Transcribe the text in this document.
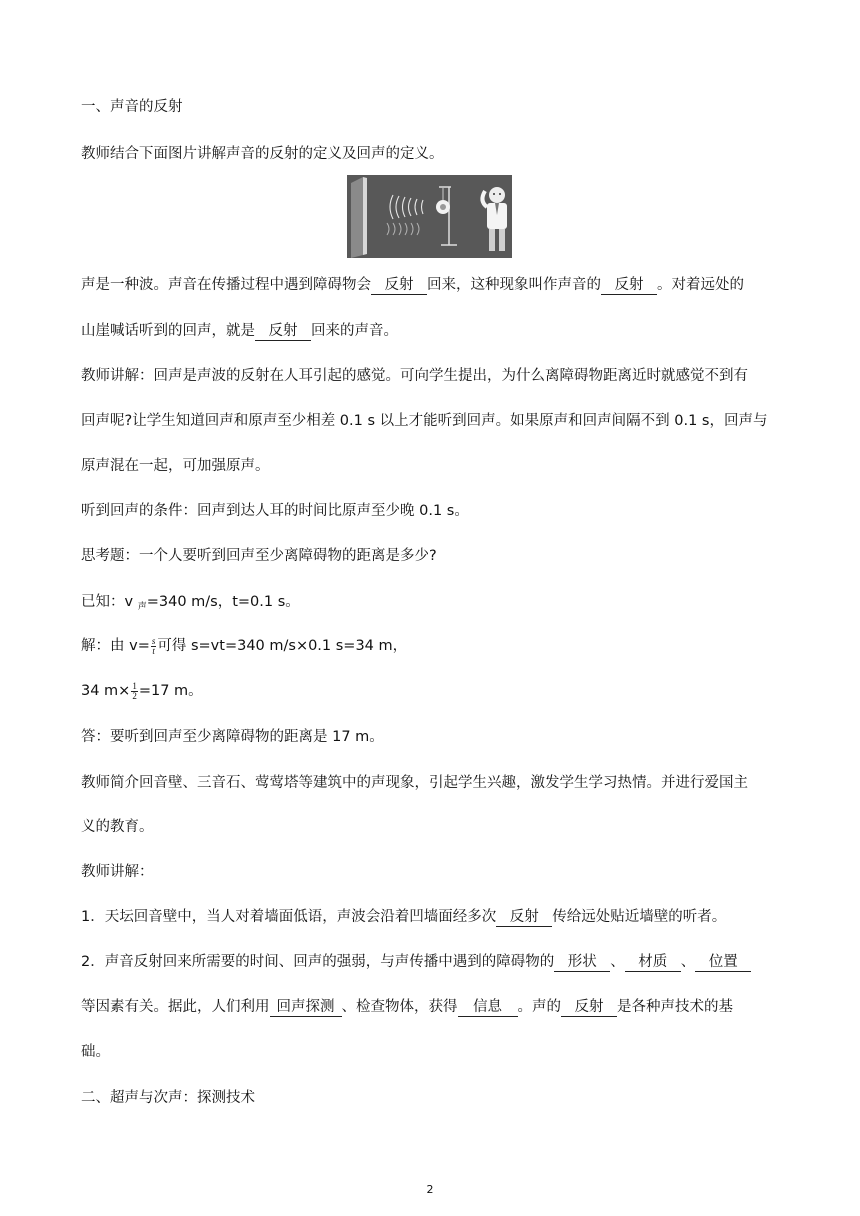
一、声音的反射
教师结合下面图片讲解声音的反射的定义及回声的定义。
声是一种波。声音在传播过程中遇到障碍物会 反射 回来，这种现象叫作声音的 反射 。对着远处的
山崖喊话听到的回声，就是 反射 回来的声音。
教师讲解：回声是声波的反射在人耳引起的感觉。可向学生提出，为什么离障碍物距离近时就感觉不到有
回声呢?让学生知道回声和原声至少相差 0.1 s 以上才能听到回声。如果原声和回声间隔不到 0.1 s，回声与
原声混在一起，可加强原声。
听到回声的条件：回声到达人耳的时间比原声至少晚 0.1 s。
思考题：一个人要听到回声至少离障碍物的距离是多少?
已知：v $_声$=340 m/s，t=0.1 s。
解：由 $v= \frac{s}{t}$ 可得 s=vt=340 m/s×0.1 s=34 m，
34 $m\times \frac{1}{2} =17$ m。
答：要听到回声至少离障碍物的距离是 17 m。
教师简介回音壁、三音石、莺莺塔等建筑中的声现象，引起学生兴趣，激发学生学习热情。并进行爱国主
义的教育。
教师讲解：
1．天坛回音壁中，当人对着墙面低语，声波会沿着凹墙面经多次 反射 传给远处贴近墙壁的听者。
2．声音反射回来所需要的时间、回声的强弱，与声传播中遇到的障碍物的 形状 、 材质 、 位置
等因素有关。据此，人们利用 回声探测 、检查物体，获得 信息 。声的 反射 是各种声技术的基
础。
二、超声与次声：探测技术
2
